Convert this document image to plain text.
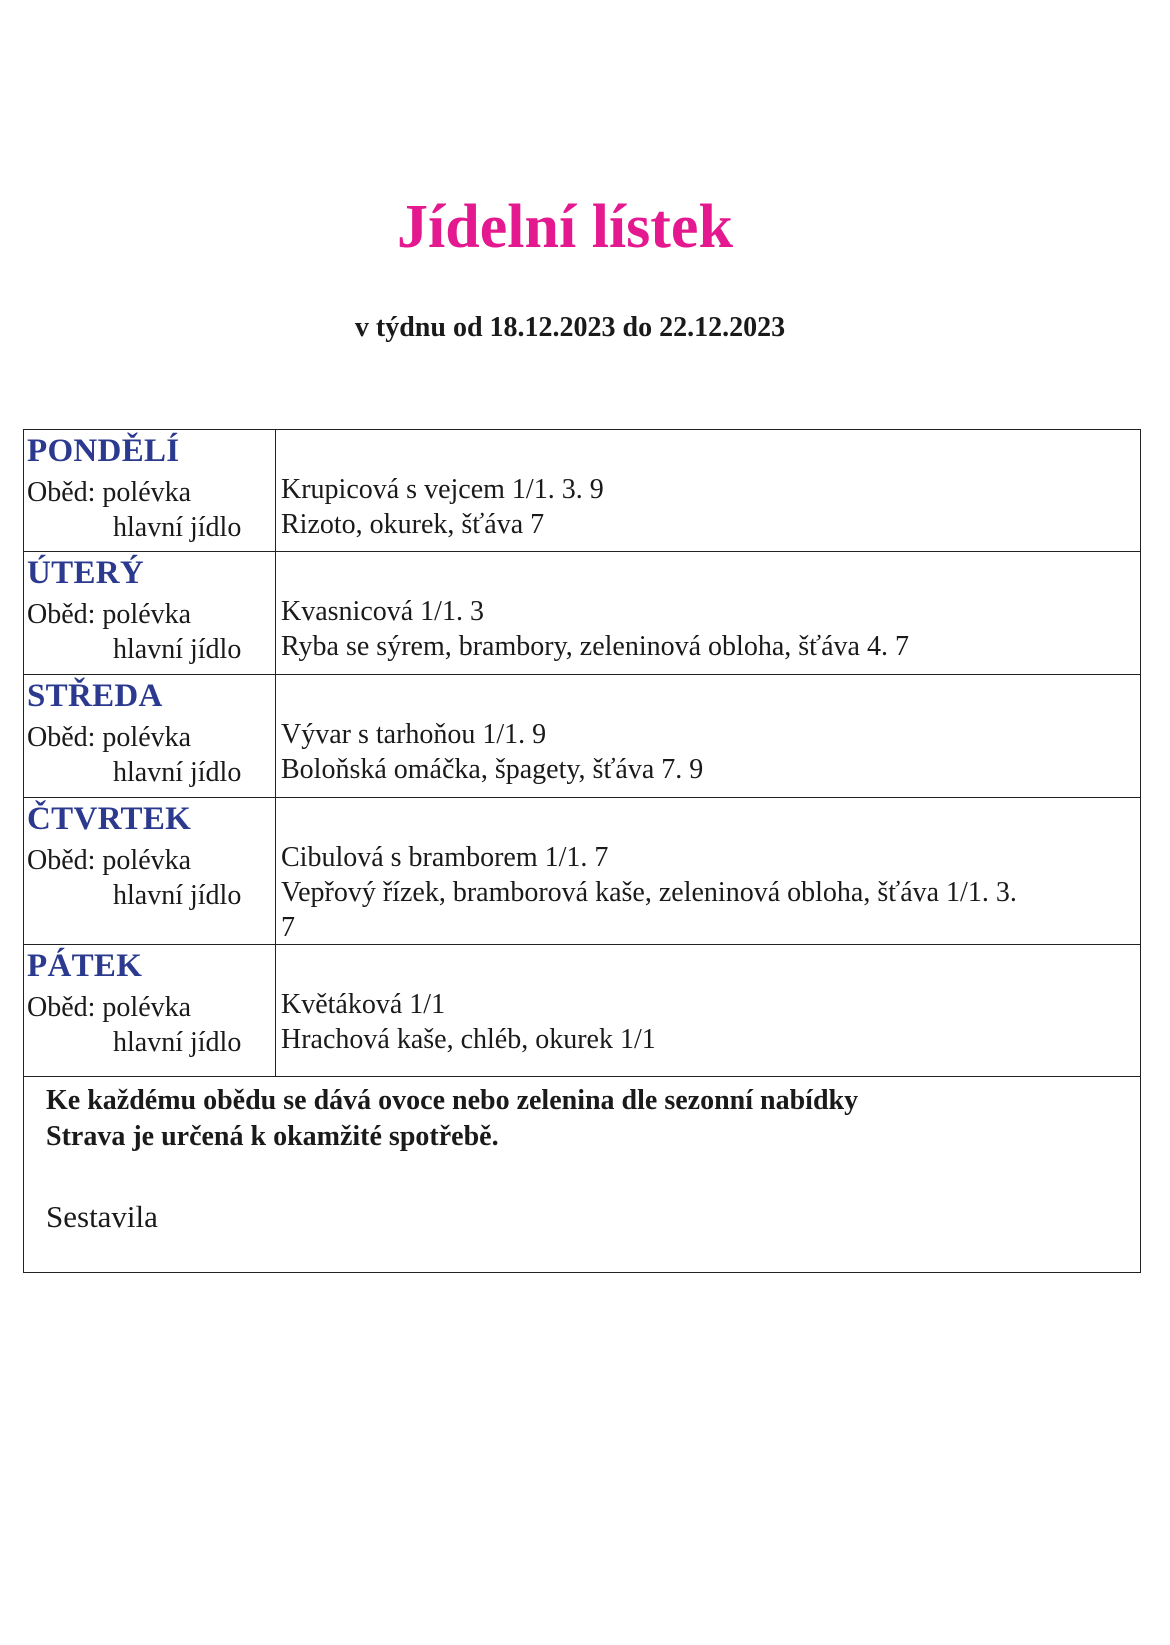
Jídelní lístek
v týdnu od 18.12.2023 do 22.12.2023
PONDĚLÍ
Oběd: polévka
hlavní jídlo
Krupicová s vejcem 1/1. 3. 9
Rizoto, okurek, šťáva 7
ÚTERÝ
Oběd: polévka
hlavní jídlo
Kvasnicová 1/1. 3
Ryba se sýrem, brambory, zeleninová obloha, šťáva 4. 7
STŘEDA
Oběd: polévka
hlavní jídlo
Vývar s tarhoňou 1/1. 9
Boloňská omáčka, špagety, šťáva 7. 9
ČTVRTEK
Oběd: polévka
hlavní jídlo
Cibulová s bramborem 1/1. 7
Vepřový řízek, bramborová kaše, zeleninová obloha, šťáva 1/1. 3. 7
PÁTEK
Oběd: polévka
hlavní jídlo
Květáková 1/1
Hrachová kaše, chléb, okurek 1/1
Ke každému obědu se dává ovoce nebo zelenina dle sezonní nabídky
Strava je určená k okamžité spotřebě.
Sestavila
